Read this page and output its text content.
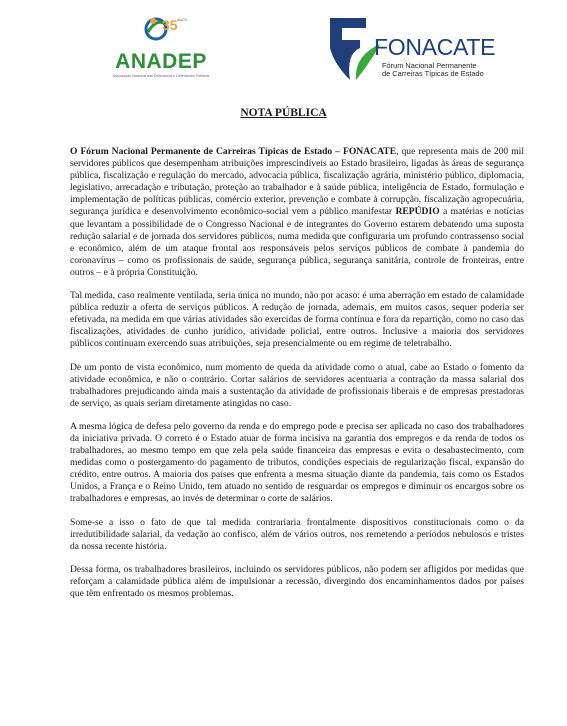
35 ANOS
ANADEP
Associação Nacional das Defensoras e Defensores Públicos
FONACATE
Fórum Nacional Permanente
de Carreiras Típicas de Estado
NOTA PÚBLICA

O Fórum Nacional Permanente de Carreiras Típicas de Estado – FONACATE, que representa mais de 200 mil servidores públicos que desempenham atribuições imprescindíveis ao Estado brasileiro, ligadas às áreas de segurança pública, fiscalização e regulação do mercado, advocacia pública, fiscalização agrária, ministério público, diplomacia, legislativo, arrecadação e tributação, proteção ao trabalhador e à saúde pública, inteligência de Estado, formulação e implementação de políticas públicas, comércio exterior, prevenção e combate à corrupção, fiscalização agropecuária, segurança jurídica e desenvolvimento econômico-social vem a público manifestar REPÚDIO a matérias e notícias que levantam a possibilidade de o Congresso Nacional e de integrantes do Governo estarem debatendo uma suposta redução salarial e de jornada dos servidores públicos, numa medida que configuraria um profundo contrassenso social e econômico, além de um ataque frontal aos responsáveis pelos serviços públicos de combate à pandemia do coronavírus – como os profissionais de saúde, segurança pública, segurança sanitária, controle de fronteiras, entre outros – e à própria Constituição.

Tal medida, caso realmente ventilada, seria única no mundo, não por acaso: é uma aberração em estado de calamidade pública reduzir a oferta de serviços públicos. A redução de jornada, ademais, em muitos casos, sequer poderia ser efetivada, na medida em que várias atividades são exercidas de forma contínua e fora da repartição, como no caso das fiscalizações, atividades de cunho jurídico, atividade policial, entre outros. Inclusive a maioria dos servidores públicos continuam exercendo suas atribuições, seja presencialmente ou em regime de teletrabalho.

De um ponto de vista econômico, num momento de queda da atividade como o atual, cabe ao Estado o fomento da atividade econômica, e não o contrário. Cortar salários de servidores acentuaria a contração da massa salarial dos trabalhadores prejudicando ainda mais a sustentação da atividade de profissionais liberais e de empresas prestadoras de serviço, as quais seriam diretamente atingidas no caso.

A mesma lógica de defesa pelo governo da renda e do emprego pode e precisa ser aplicada no caso dos trabalhadores da iniciativa privada. O correto é o Estado atuar de forma incisiva na garantia dos empregos e da renda de todos os trabalhadores, ao mesmo tempo em que zela pela saúde financeira das empresas e evita o desabastecimento, com medidas como o postergamento do pagamento de tributos, condições especiais de regularização fiscal, expansão do crédito, entre outros. A maioria dos países que enfrenta a mesma situação diante da pandemia, tais como os Estados Unidos, a França e o Reino Unido, tem atuado no sentido de resguardar os empregos e diminuir os encargos sobre os trabalhadores e empresas, ao invés de determinar o corte de salários.

Some-se a isso o fato de que tal medida contrariaria frontalmente dispositivos constitucionais como o da irredutibilidade salarial, da vedação ao confisco, além de vários outros, nos remetendo a períodos nebulosos e tristes da nossa recente história.

Dessa forma, os trabalhadores brasileiros, incluindo os servidores públicos, não podem ser afligidos por medidas que reforçam a calamidade pública além de impulsionar a recessão, divergindo dos encaminhamentos dados por países que têm enfrentado os mesmos problemas.
